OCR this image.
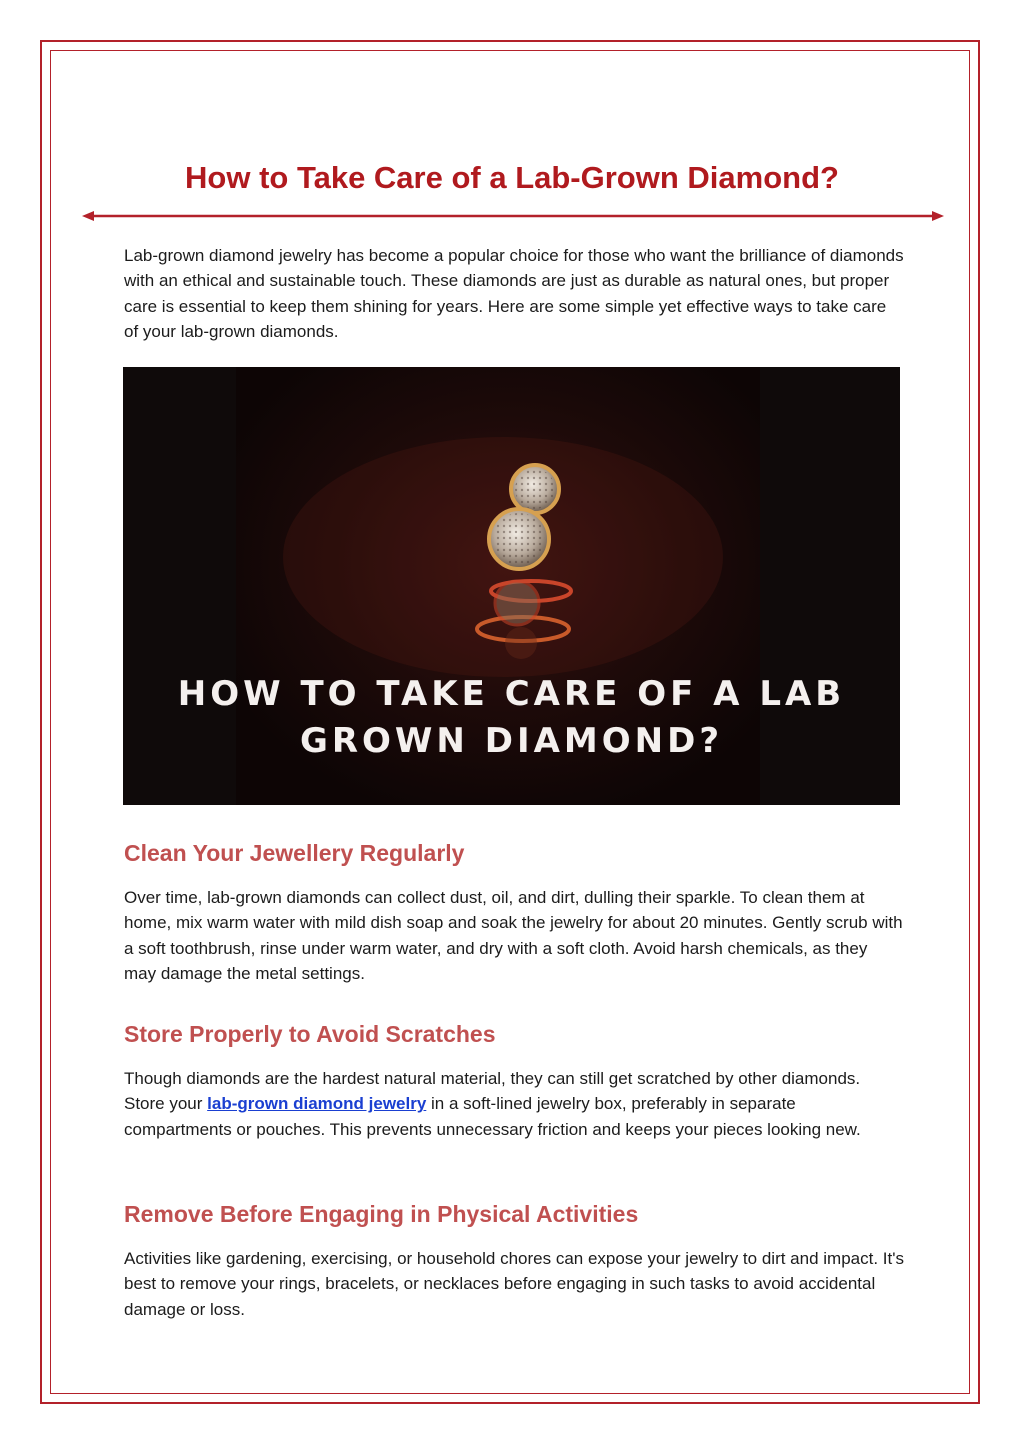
How to Take Care of a Lab-Grown Diamond?

Lab-grown diamond jewelry has become a popular choice for those who want the brilliance of diamonds with an ethical and sustainable touch. These diamonds are just as durable as natural ones, but proper care is essential to keep them shining for years. Here are some simple yet effective ways to take care of your lab-grown diamonds.

HOW TO TAKE CARE OF A LAB

GROWN DIAMOND?

Clean Your Jewellery Regularly

Over time, lab-grown diamonds can collect dust, oil, and dirt, dulling their sparkle. To clean them at home, mix warm water with mild dish soap and soak the jewelry for about 20 minutes. Gently scrub with a soft toothbrush, rinse under warm water, and dry with a soft cloth. Avoid harsh chemicals, as they may damage the metal settings.

Store Properly to Avoid Scratches

Though diamonds are the hardest natural material, they can still get scratched by other diamonds. Store your lab-grown diamond jewelry in a soft-lined jewelry box, preferably in separate compartments or pouches. This prevents unnecessary friction and keeps your pieces looking new.

Remove Before Engaging in Physical Activities

Activities like gardening, exercising, or household chores can expose your jewelry to dirt and impact. It's best to remove your rings, bracelets, or necklaces before engaging in such tasks to avoid accidental damage or loss.
